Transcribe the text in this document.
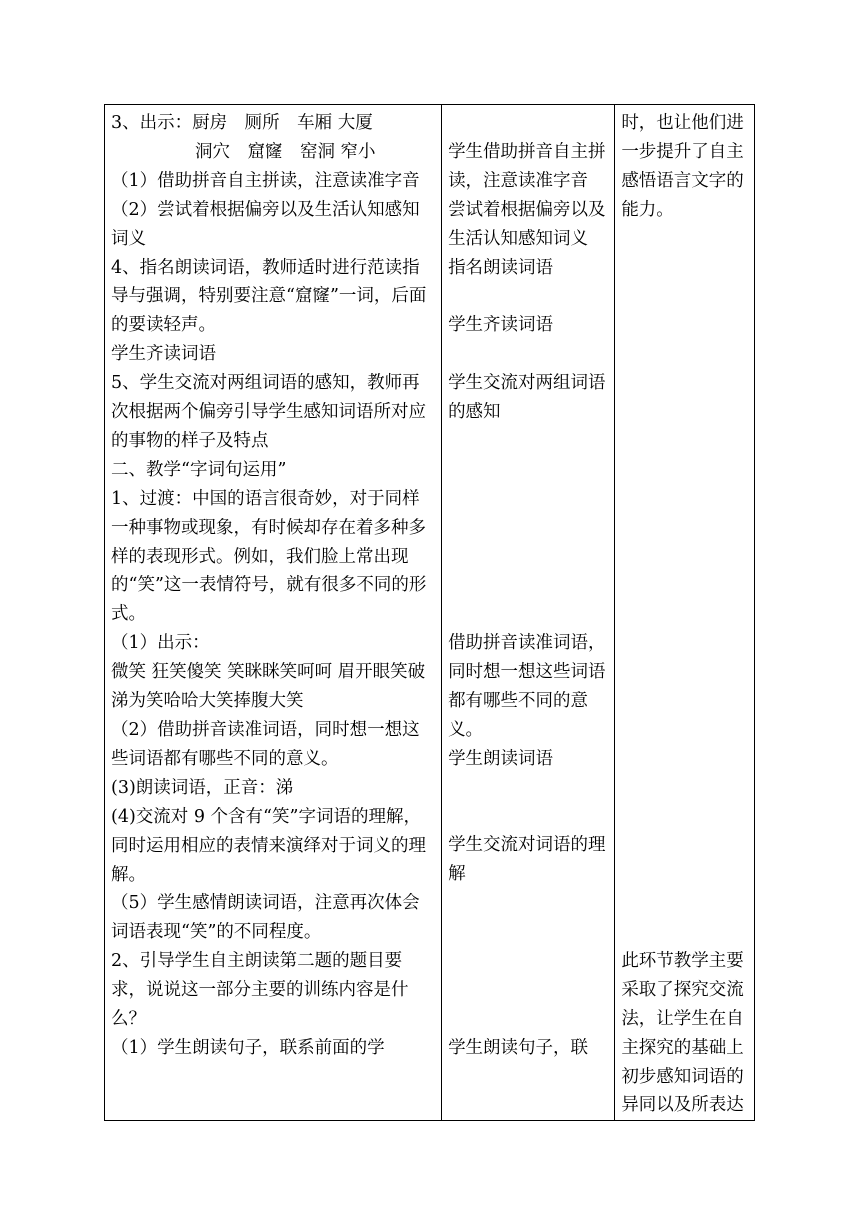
3、出示：厨房　厕所　车厢 大厦
洞穴　窟窿　窑洞 窄小
（1）借助拼音自主拼读，注意读准字音
（2）尝试着根据偏旁以及生活认知感知词义
4、指名朗读词语，教师适时进行范读指导与强调，特别要注意“窟窿”一词，后面的要读轻声。
学生齐读词语
5、学生交流对两组词语的感知，教师再次根据两个偏旁引导学生感知词语所对应的事物的样子及特点
二、教学“字词句运用”
1、过渡：中国的语言很奇妙，对于同样一种事物或现象，有时候却存在着多种多样的表现形式。例如，我们脸上常出现的“笑”这一表情符号，就有很多不同的形式。
（1）出示：
微笑 狂笑傻笑 笑眯眯笑呵呵 眉开眼笑破涕为笑哈哈大笑捧腹大笑
（2）借助拼音读准词语，同时想一想这些词语都有哪些不同的意义。
(3)朗读词语，正音：涕
(4)交流对 9 个含有“笑”字词语的理解，同时运用相应的表情来演绎对于词义的理解。
（5）学生感情朗读词语，注意再次体会词语表现“笑”的不同程度。
2、引导学生自主朗读第二题的题目要求，说说这一部分主要的训练内容是什么？
（1）学生朗读句子，联系前面的学

学生借助拼音自主拼读，注意读准字音
尝试着根据偏旁以及生活认知感知词义
指名朗读词语
学生齐读词语
学生交流对两组词语的感知
借助拼音读准词语，同时想一想这些词语都有哪些不同的意义。
学生朗读词语
学生交流对词语的理解
学生朗读句子，联

时，也让他们进一步提升了自主感悟语言文字的能力。
此环节教学主要采取了探究交流法，让学生在自主探究的基础上初步感知词语的异同以及所表达
